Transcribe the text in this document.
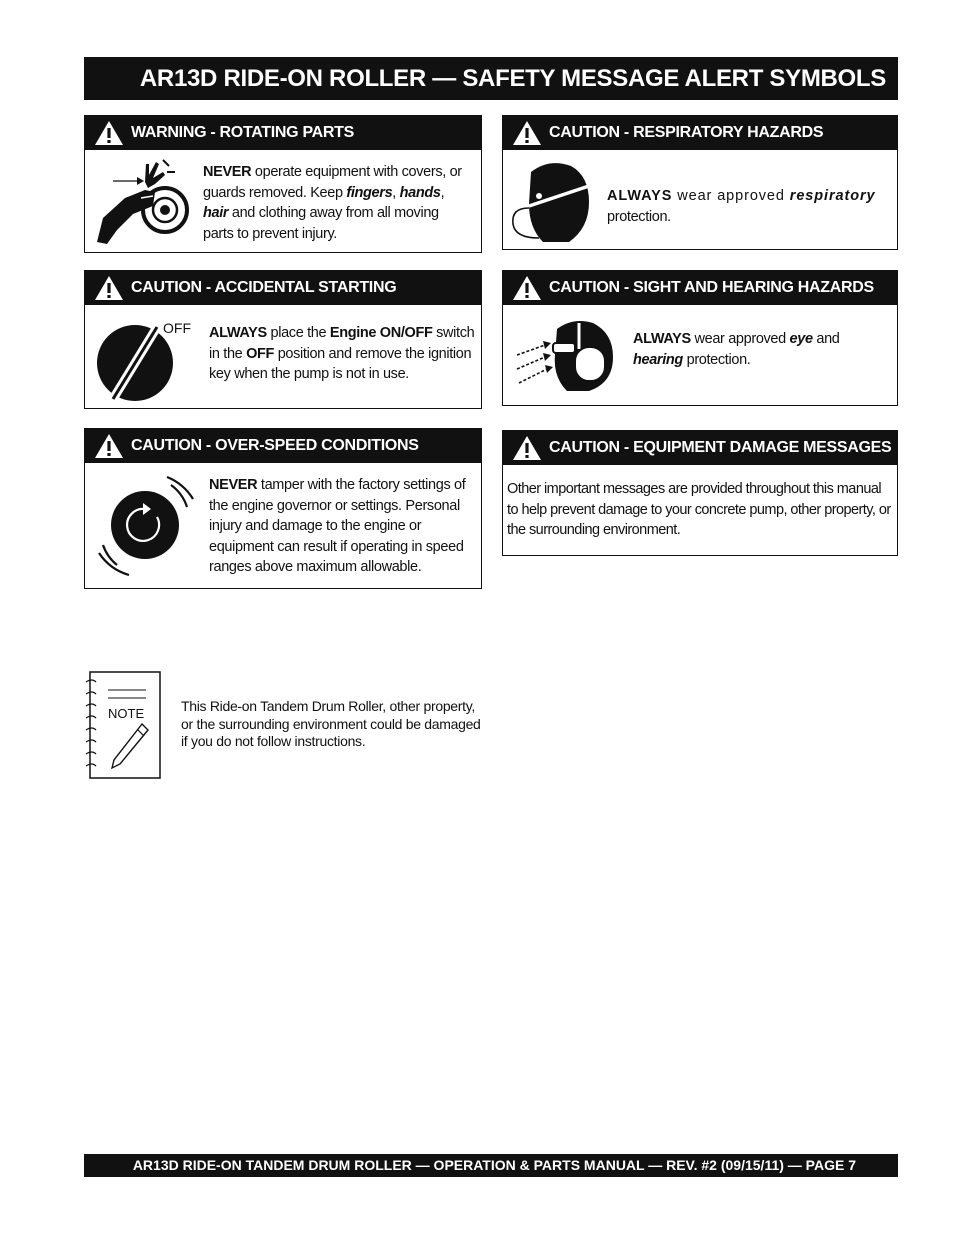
AR13D RIDE-ON ROLLER — SAFETY MESSAGE ALERT SYMBOLS
WARNING - ROTATING PARTS
NEVER operate equipment with covers, or guards removed. Keep fingers, hands, hair and clothing away from all moving parts to prevent injury.
CAUTION - ACCIDENTAL STARTING
OFF ALWAYS place the Engine ON/OFF switch in the OFF position and remove the ignition key when the pump is not in use.
CAUTION - OVER-SPEED CONDITIONS
NEVER tamper with the factory settings of the engine governor or settings. Personal injury and damage to the engine or equipment can result if operating in speed ranges above maximum allowable.
CAUTION - RESPIRATORY HAZARDS
ALWAYS wear approved respiratory protection.
CAUTION - SIGHT AND HEARING HAZARDS
ALWAYS wear approved eye and hearing protection.
CAUTION - EQUIPMENT DAMAGE MESSAGES
Other important messages are provided throughout this manual to help prevent damage to your concrete pump, other property, or the surrounding environment.
NOTE	This Ride-on Tandem Drum Roller, other property, or the surrounding environment could be damaged if you do not follow instructions.
AR13D RIDE-ON TANDEM DRUM ROLLER — OPERATION & PARTS MANUAL — REV. #2 (09/15/11) — PAGE 7
